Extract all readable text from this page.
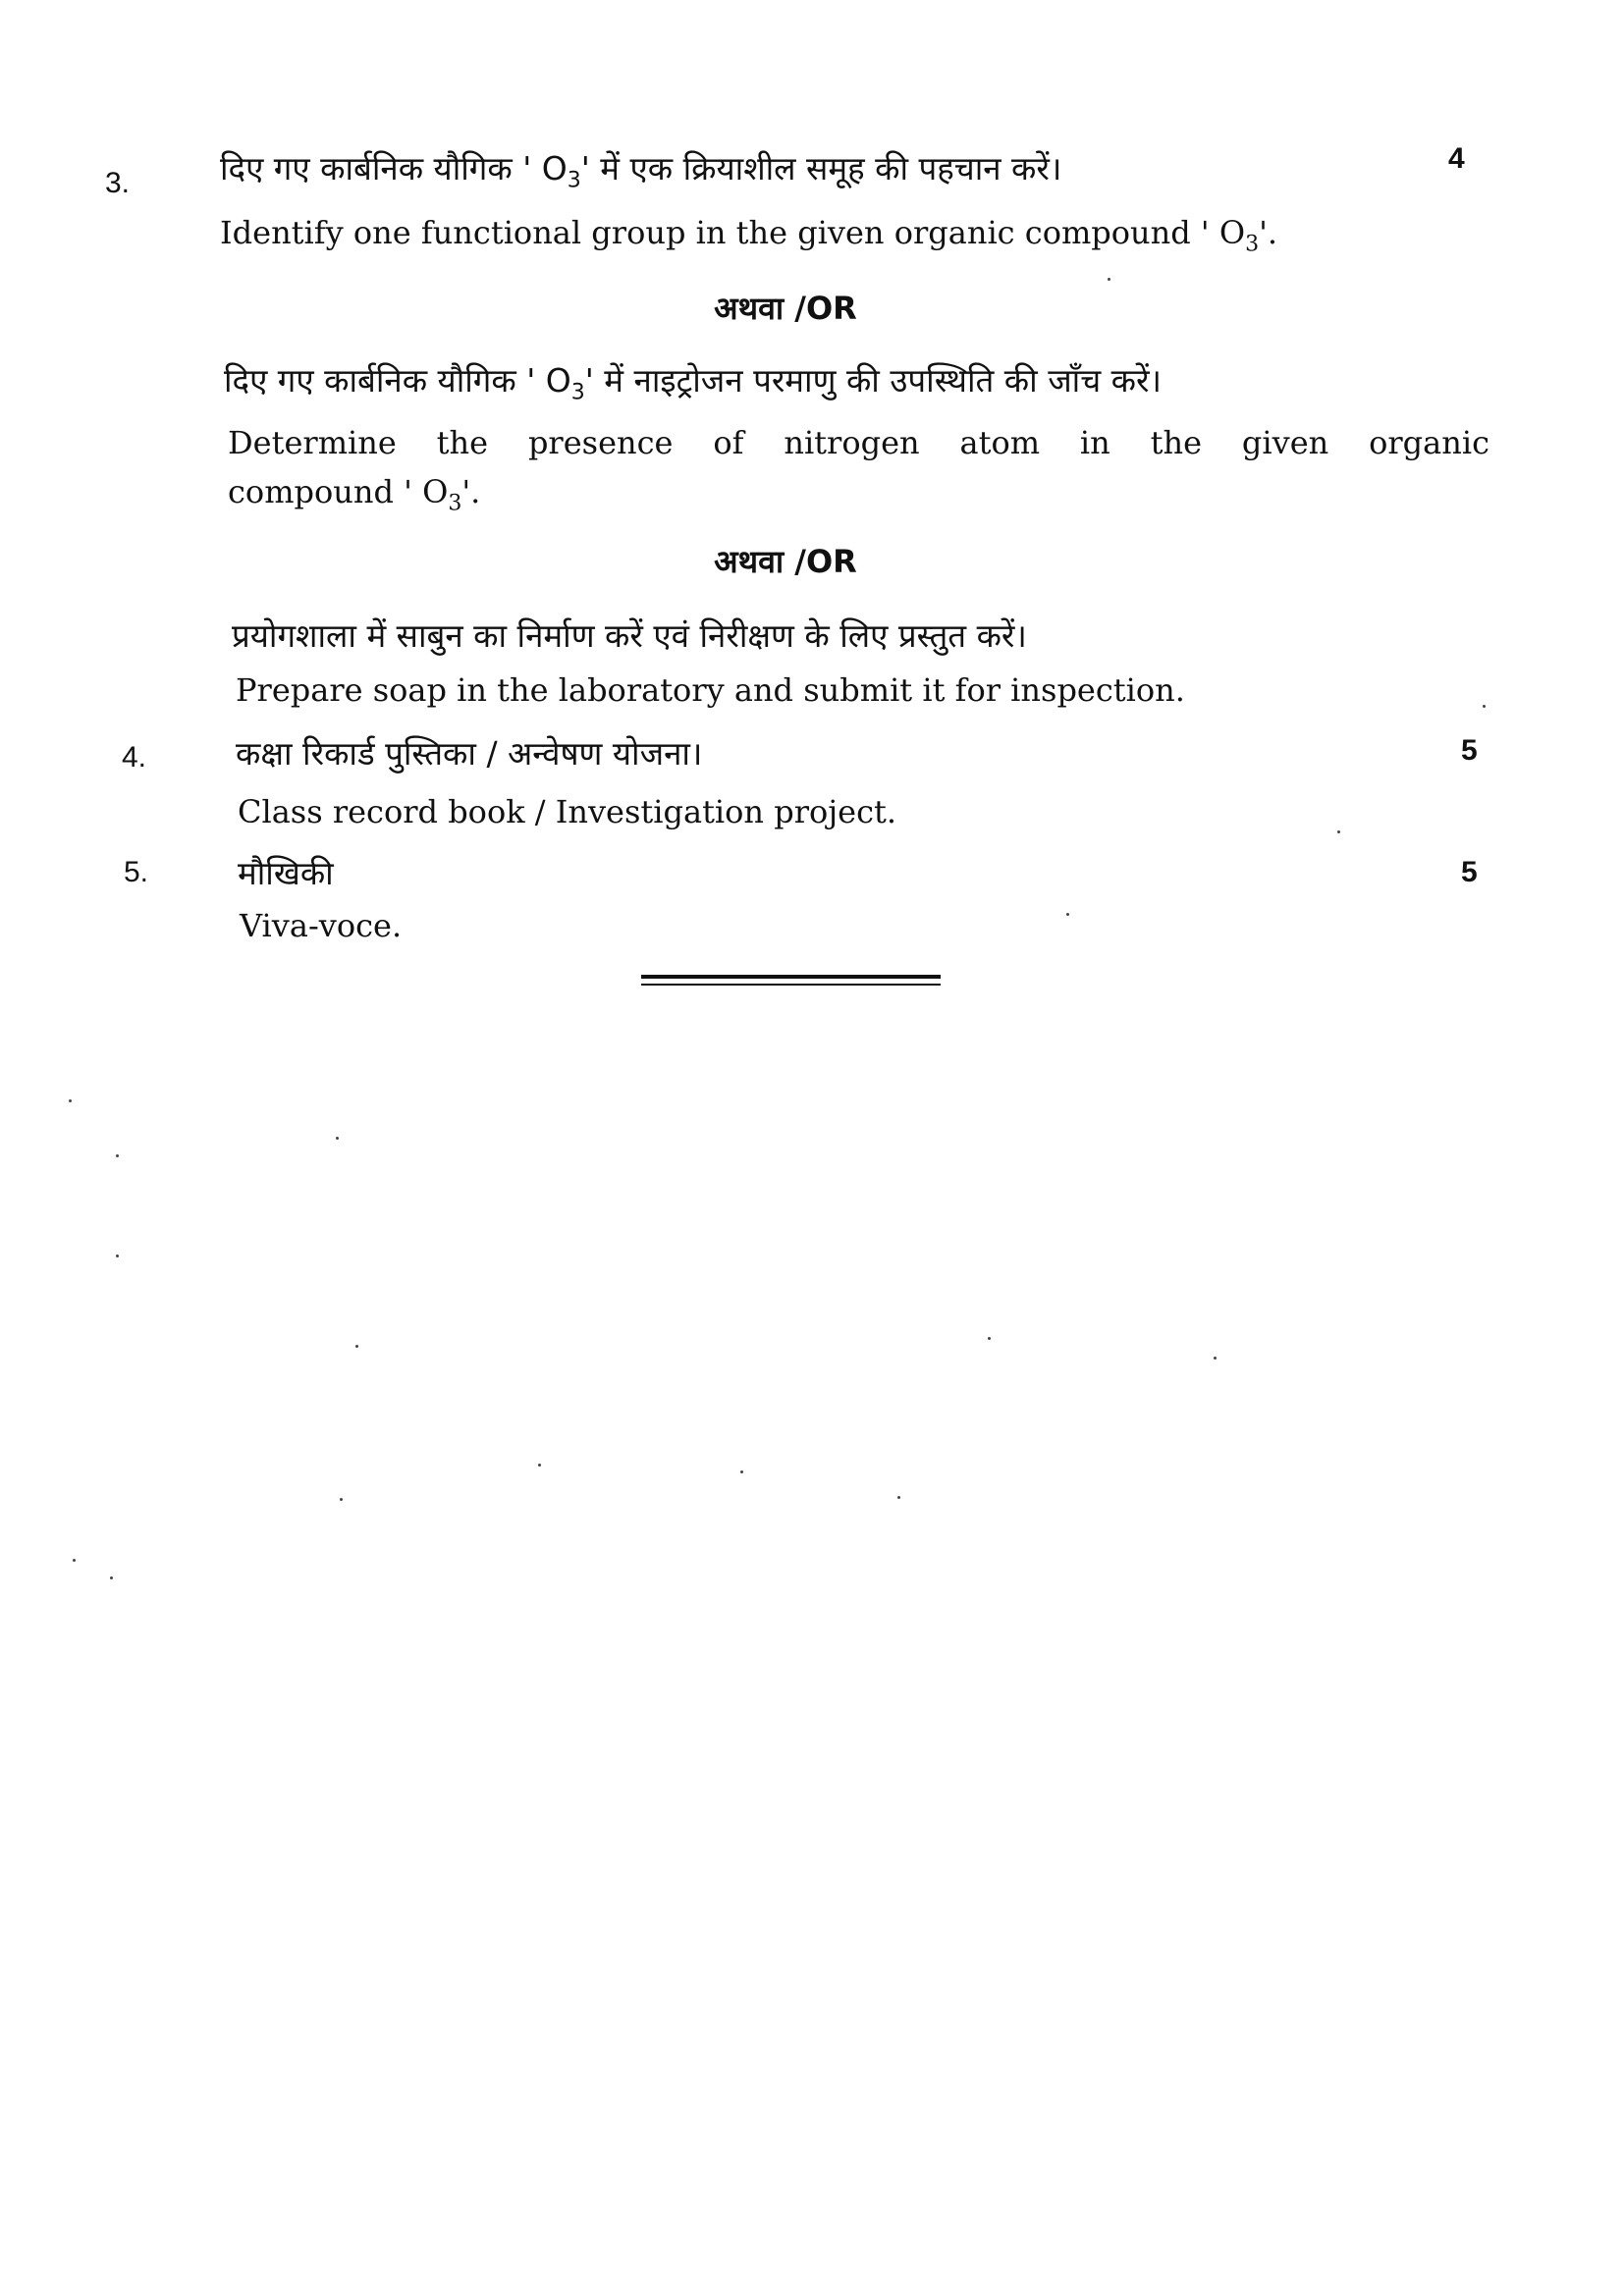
3.
4
दिए गए कार्बनिक यौगिक ' $O_3'$ में एक क्रियाशील समूह की पहचान करें।
Identify one functional group in the given organic compound ' $O_3'$.
अथवा /OR
दिए गए कार्बनिक यौगिक ' $O_3'$ में नाइट्रोजन परमाणु की उपस्थिति की जाँच करें।
Determine the presence of nitrogen atom in the given organic
compound ' $O_3'$.
अथवा /OR
प्रयोगशाला में साबुन का निर्माण करें एवं निरीक्षण के लिए प्रस्तुत करें।
Prepare soap in the laboratory and submit it for inspection.
4.	5
कक्षा रिकार्ड पुस्तिका / अन्वेषण योजना।
Class record book / Investigation project.
5.	5
मौखिकी
Viva-voce.
